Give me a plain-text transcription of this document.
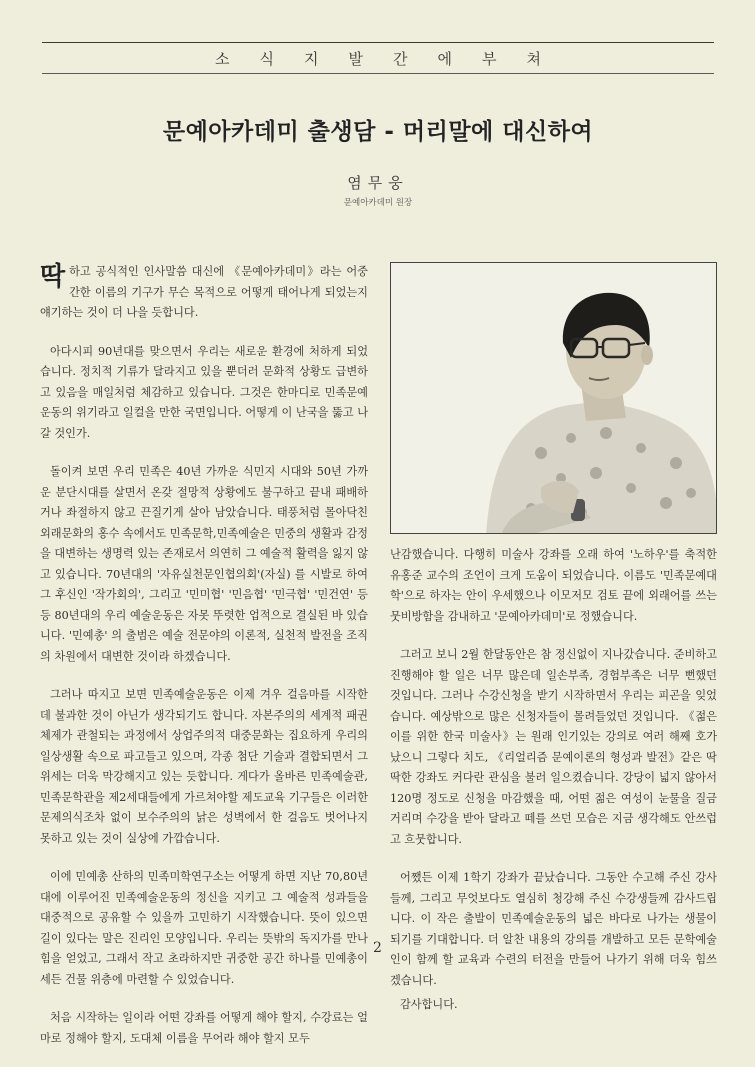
소식지발간에부쳐
문예아카데미 출생담 - 머리말에 대신하여
염무웅
문예아카데미 원장

딱 하고 공식적인 인사말씀 대신에 《문예아카데미》라는 어중간한 이름의 기구가 무슨 목적으로 어떻게 태어나게 되었는지 얘기하는 것이 더 나을 듯합니다.

아다시피 90년대를 맞으면서 우리는 새로운 환경에 처하게 되었습니다. 정치적 기류가 달라지고 있을 뿐더러 문화적 상황도 급변하고 있음을 매일처럼 체감하고 있습니다. 그것은 한마디로 민족문예운동의 위기라고 일컬을 만한 국면입니다. 어떻게 이 난국을 뚫고 나갈 것인가.

돌이켜 보면 우리 민족은 40년 가까운 식민지 시대와 50년 가까운 분단시대를 살면서 온갖 절망적 상황에도 불구하고 끝내 패배하거나 좌절하지 않고 끈질기게 살아 남았습니다. 태풍처럼 몰아닥친 외래문화의 홍수 속에서도 민족문학,민족예술은 민중의 생활과 감정을 대변하는 생명력 있는 존재로서 의연히 그 예술적 활력을 잃지 않고 있습니다. 70년대의 '자유실천문인협의회'(자실) 를 시발로 하여 그 후신인 '작가회의', 그리고 '민미협' '민음협' '민극협' '민건연' 등등 80년대의 우리 예술운동은 자못 뚜렷한 업적으로 결실된 바 있습니다. '민예총' 의 출범은 예술 전문야의 이론적, 실천적 발전을 조직의 차원에서 대변한 것이라 하겠습니다.

그러나 따지고 보면 민족예술운동은 이제 겨우 걸음마를 시작한 데 불과한 것이 아닌가 생각되기도 합니다. 자본주의의 세계적 패권체제가 관철되는 과정에서 상업주의적 대중문화는 집요하게 우리의 일상생활 속으로 파고들고 있으며, 각종 첨단 기술과 결합되면서 그 위세는 더욱 막강해지고 있는 듯합니다. 게다가 올바른 민족예술관, 민족문학관을 제2세대들에게 가르쳐야할 제도교육 기구들은 이러한 문제의식조차 없이 보수주의의 낡은 성벽에서 한 걸음도 벗어나지 못하고 있는 것이 실상에 가깝습니다.

이에 민예총 산하의 민족미학연구소는 어떻게 하면 지난 70,80년대에 이루어진 민족예술운동의 정신을 지키고 그 예술적 성과들을 대중적으로 공유할 수 있을까 고민하기 시작했습니다. 뜻이 있으면 길이 있다는 말은 진리인 모양입니다. 우리는 뜻밖의 독지가를 만나 힘을 얻었고, 그래서 작고 초라하지만 귀중한 공간 하나를 민예총이 세든 건물 위층에 마련할 수 있었습니다.

처음 시작하는 일이라 어떤 강좌를 어떻게 해야 할지, 수강료는 얼마로 정해야 할지, 도대체 이름을 무어라 해야 할지 모두

난감했습니다. 다행히 미술사 강좌를 오래 하여 '노하우'를 축적한 유홍준 교수의 조언이 크게 도움이 되었습니다. 이름도 '민족문예대학'으로 하자는 안이 우세했으나 이모저모 검토 끝에 외래어를 쓰는 뭇비방함을 감내하고 '문예아카데미'로 정했습니다.

그러고 보니 2월 한달동안은 참 정신없이 지나갔습니다. 준비하고 진행해야 할 일은 너무 많은데 일손부족, 경험부족은 너무 뻔했던 것입니다. 그러나 수강신청을 받기 시작하면서 우리는 피곤을 잊었습니다. 예상밖으로 많은 신청자들이 몰려들었던 것입니다. 《젊은이를 위한 한국 미술사》는 원래 인기있는 강의로 여러 해째 호가 났으니 그렇다 치도, 《리얼리즘 문예이론의 형성과 발전》같은 딱딱한 강좌도 커다란 관심을 불러 일으켰습니다. 강당이 넓지 않아서 120명 정도로 신청을 마감했을 때, 어떤 젊은 여성이 눈물을 질금거리며 수강을 받아 달라고 떼를 쓰던 모습은 지금 생각해도 안쓰럽고 흐뭇합니다.

어쨌든 이제 1학기 강좌가 끝났습니다. 그동안 수고해 주신 강사들께, 그리고 무엇보다도 열심히 청강해 주신 수강생들께 감사드립니다. 이 작은 출발이 민족예술운동의 넓은 바다로 나가는 생물이 되기를 기대합니다. 더 알찬 내용의 강의를 개발하고 모든 문학예술인이 함께 할 교육과 수련의 터전을 만들어 나가기 위해 더욱 힘쓰겠습니다.

감사합니다.

2
